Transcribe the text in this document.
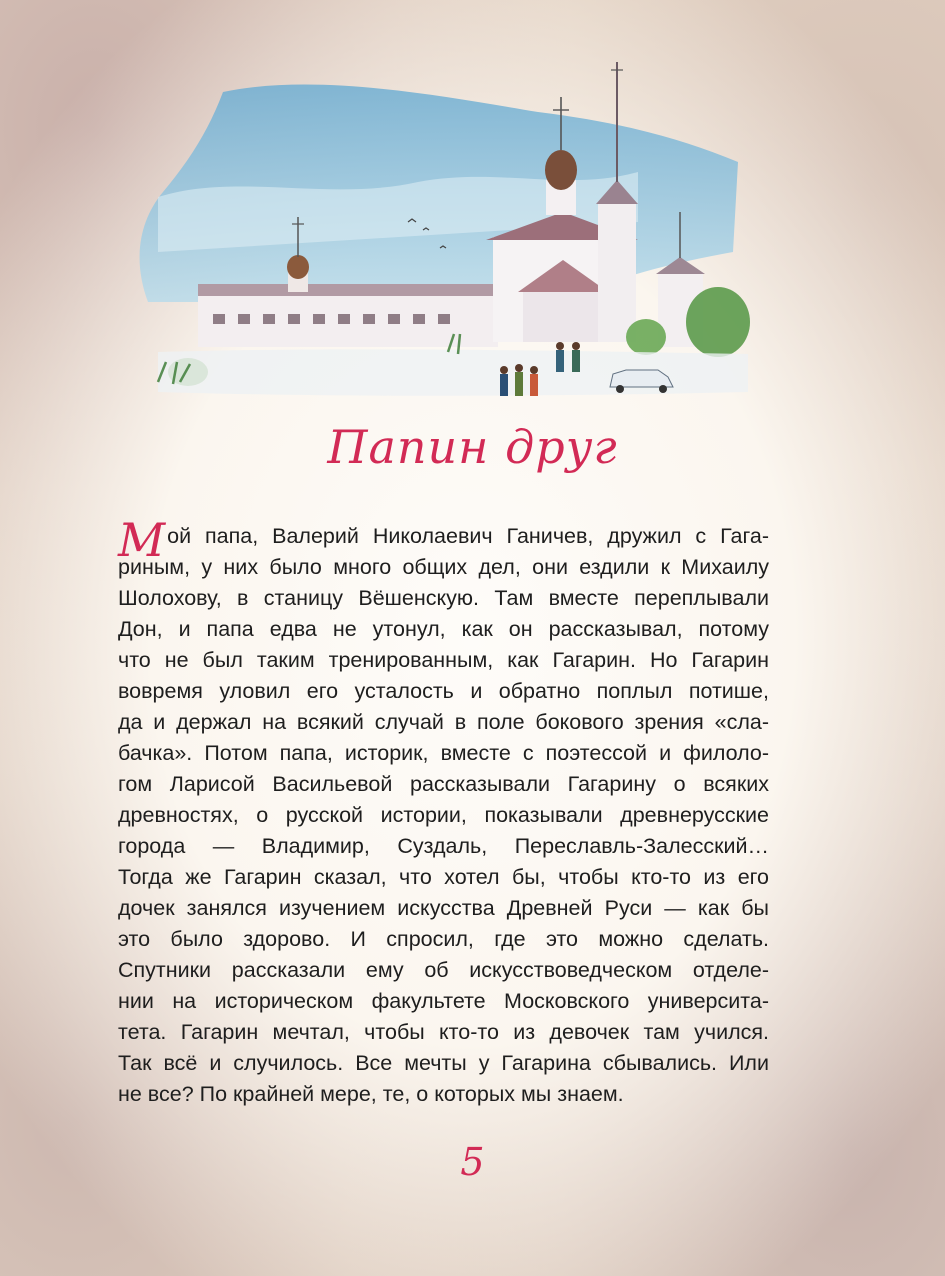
Папин друг
Мой папа, Валерий Николаевич Ганичев, дружил с Гага-
риным, у них было много общих дел, они ездили к Михаилу
Шолохову, в станицу Вёшенскую. Там вместе переплывали
Дон, и папа едва не утонул, как он рассказывал, потому
что не был таким тренированным, как Гагарин. Но Гагарин
вовремя уловил его усталость и обратно поплыл потише,
да и держал на всякий случай в поле бокового зрения «сла-
бачка». Потом папа, историк, вместе с поэтессой и филоло-
гом Ларисой Васильевой рассказывали Гагарину о всяких
древностях, о русской истории, показывали древнерусские
города — Владимир, Суздаль, Переславль-Залесский…
Тогда же Гагарин сказал, что хотел бы, чтобы кто-то из его
дочек занялся изучением искусства Древней Руси — как бы
это было здорово. И спросил, где это можно сделать.
Спутники рассказали ему об искусствоведческом отделе-
нии на историческом факультете Московского университа-
тета. Гагарин мечтал, чтобы кто-то из девочек там учился.
Так всё и случилось. Все мечты у Гагарина сбывались. Или
не все? По крайней мере, те, о которых мы знаем.
5
